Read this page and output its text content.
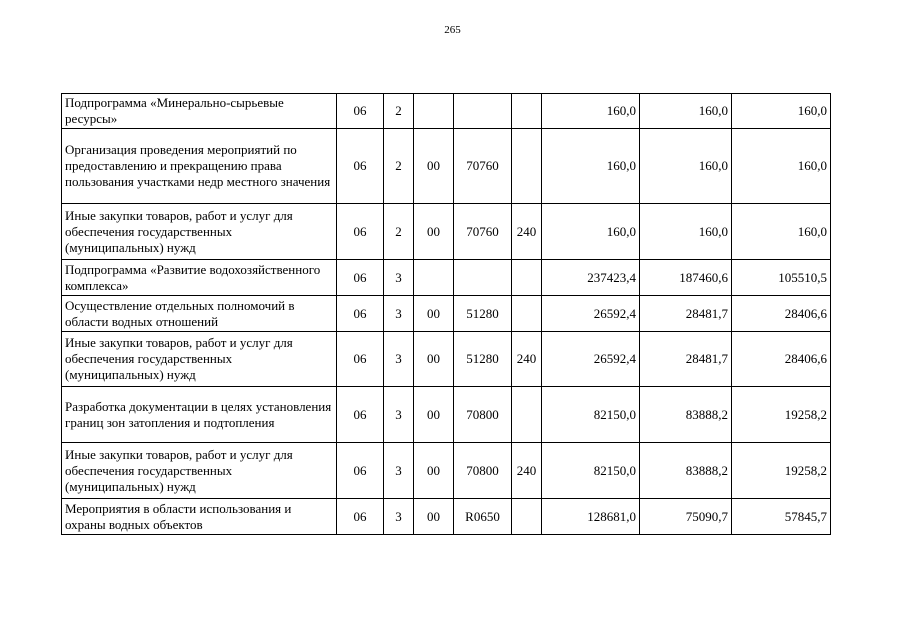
265
Подпрограмма «Минерально-сырьевые ресурсы»	06	2				160,0	160,0	160,0
Организация проведения мероприятий по предоставлению и прекращению права пользования участками недр местного значения	06	2	00	70760		160,0	160,0	160,0
Иные закупки товаров, работ и услуг для обеспечения государственных (муниципальных) нужд	06	2	00	70760	240	160,0	160,0	160,0
Подпрограмма «Развитие водохозяйственного комплекса»	06	3				237423,4	187460,6	105510,5
Осуществление отдельных полномочий в области водных отношений	06	3	00	51280		26592,4	28481,7	28406,6
Иные закупки товаров, работ и услуг для обеспечения государственных (муниципальных) нужд	06	3	00	51280	240	26592,4	28481,7	28406,6
Разработка документации в целях установления границ зон затопления и подтопления	06	3	00	70800		82150,0	83888,2	19258,2
Иные закупки товаров, работ и услуг для обеспечения государственных (муниципальных) нужд	06	3	00	70800	240	82150,0	83888,2	19258,2
Мероприятия в области использования и охраны водных объектов	06	3	00	R0650		128681,0	75090,7	57845,7
